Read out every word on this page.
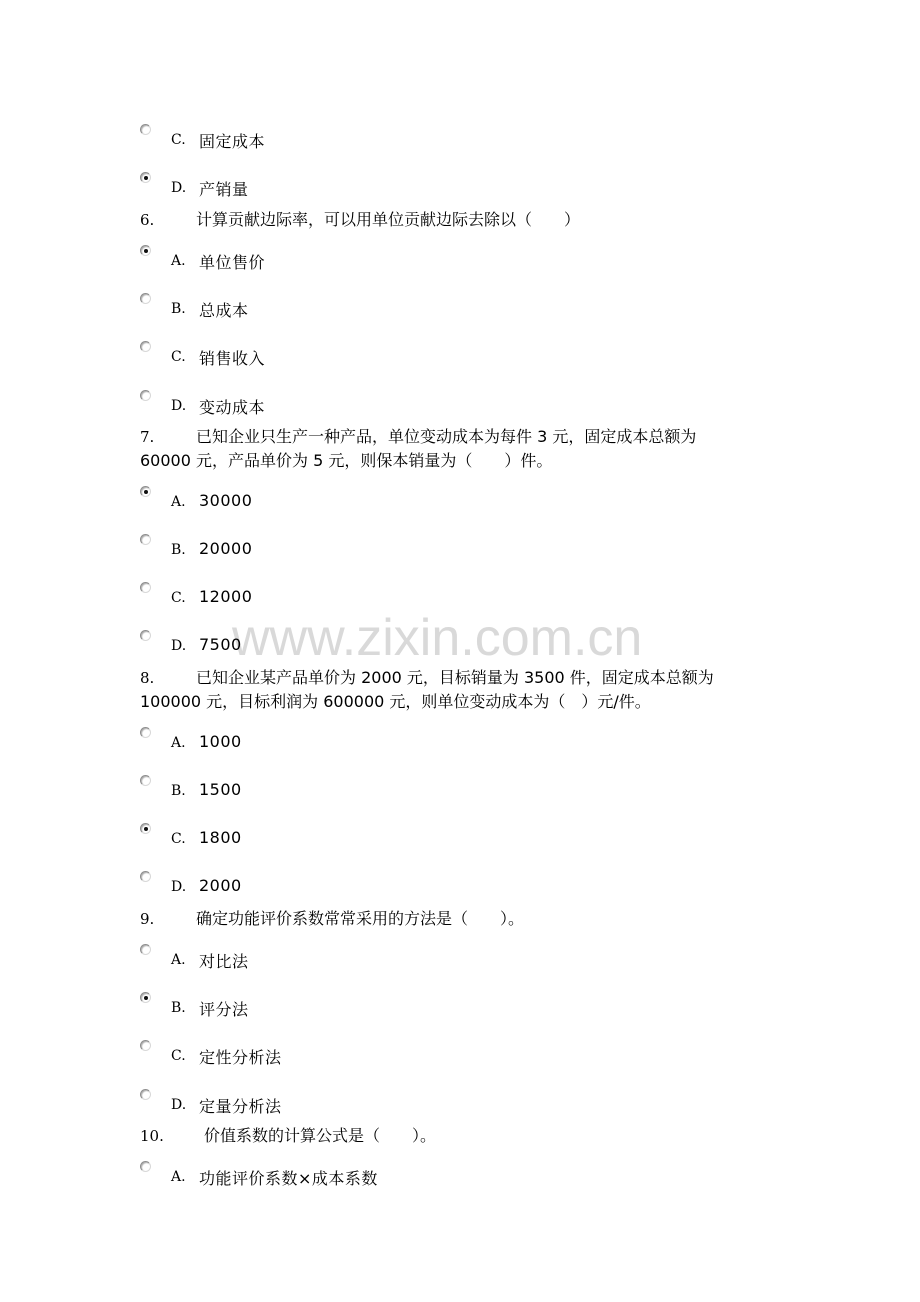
www.zixin.com.cn
C. 固定成本
D. 产销量
6.	计算贡献边际率，可以用单位贡献边际去除以（　　）
A. 单位售价
B. 总成本
C. 销售收入
D. 变动成本
7.	已知企业只生产一种产品，单位变动成本为每件 3 元，固定成本总额为
60000 元，产品单价为 5 元，则保本销量为（　　）件。
A. 30000
B. 20000
C. 12000
D. 7500
8.	已知企业某产品单价为 2000 元，目标销量为 3500 件，固定成本总额为
100000 元，目标利润为 600000 元，则单位变动成本为（　）元/件。
A. 1000
B. 1500
C. 1800
D. 2000
9.	确定功能评价系数常常采用的方法是（　　）。
A. 对比法
B. 评分法
C. 定性分析法
D. 定量分析法
10.	价值系数的计算公式是（　　）。
A. 功能评价系数×成本系数
